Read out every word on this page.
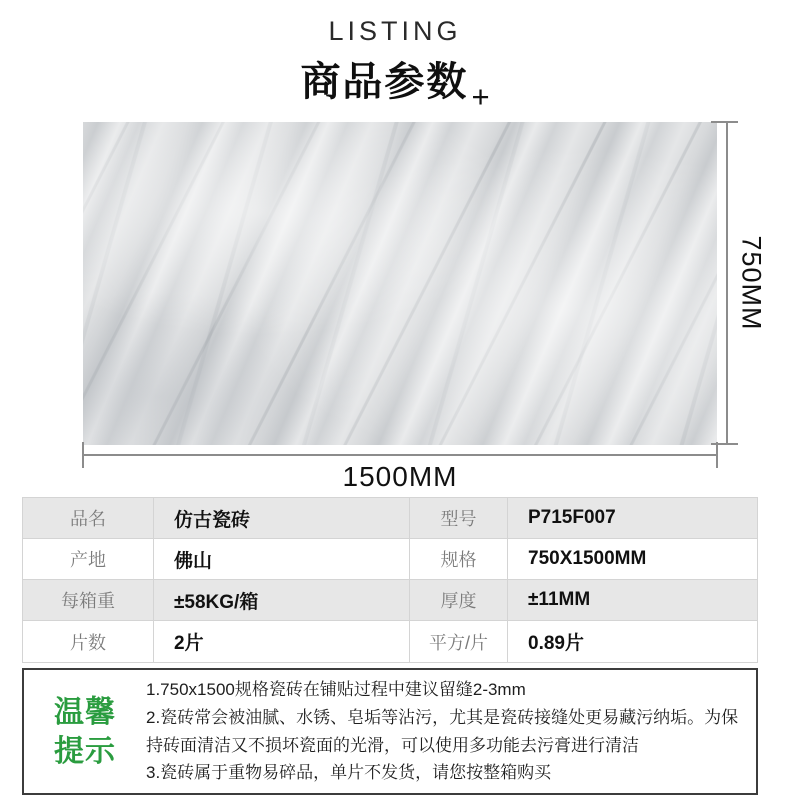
LISTING
商品参数+
750MM
1500MM
品名	仿古瓷砖	型号	P715F007
产地	佛山	规格	750X1500MM
每箱重	±58KG/箱	厚度	±11MM
片数	2片	平方/片	0.89片
温馨
提示
1.750x1500规格瓷砖在铺贴过程中建议留缝2-3mm
2.瓷砖常会被油腻、水锈、皂垢等沾污，尤其是瓷砖接缝处更易藏污纳垢。为保持砖面清洁又不损坏瓷面的光滑，可以使用多功能去污膏进行清洁
3.瓷砖属于重物易碎品，单片不发货，请您按整箱购买
